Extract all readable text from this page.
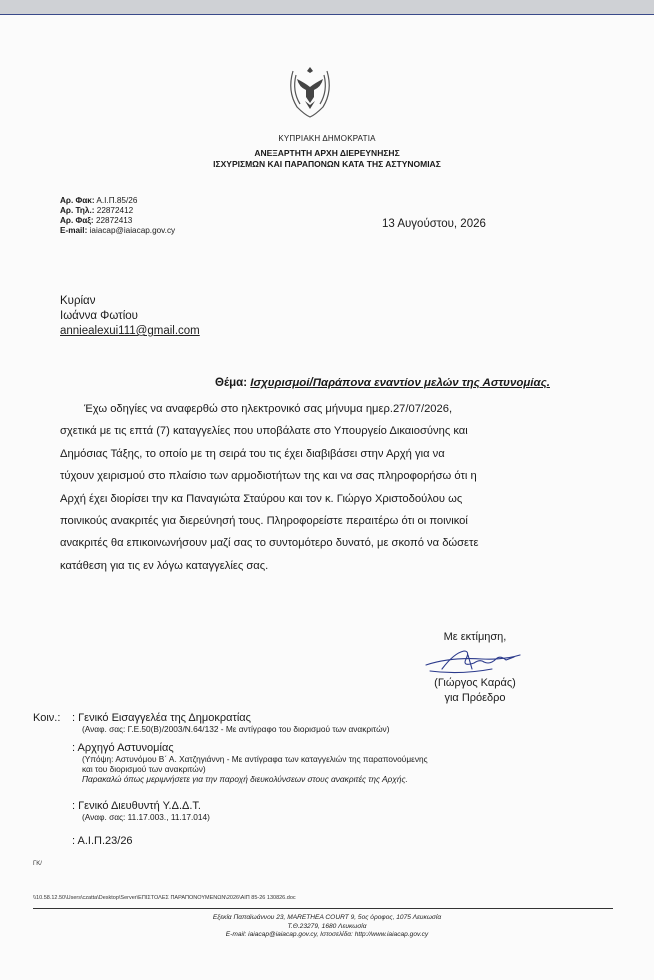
ΚΥΠΡΙΑΚΗ ΔΗΜΟΚΡΑΤΙΑ
ΑΝΕΞΑΡΤΗΤΗ ΑΡΧΗ ΔΙΕΡΕΥΝΗΣΗΣ
ΙΣΧΥΡΙΣΜΩΝ ΚΑΙ ΠΑΡΑΠΟΝΩΝ ΚΑΤΑ ΤΗΣ ΑΣΤΥΝΟΜΙΑΣ
Αρ. Φακ: Α.Ι.Π.85/26
Αρ. Τηλ.: 22872412
Αρ. Φαξ: 22872413
E-mail: iaiacap@iaiacap.gov.cy
13 Αυγούστου, 2026
Κυρίαν
Ιωάννα Φωτίου
anniealexui111@gmail.com
Θέμα: Ισχυρισμοί/Παράπονα εναντίον μελών της Αστυνομίας.
Έχω οδηγίες να αναφερθώ στο ηλεκτρονικό σας μήνυμα ημερ.27/07/2026,
σχετικά με τις επτά (7) καταγγελίες που υποβάλατε στο Υπουργείο Δικαιοσύνης και
Δημόσιας Τάξης, το οποίο με τη σειρά του τις έχει διαβιβάσει στην Αρχή για να
τύχουν χειρισμού στο πλαίσιο των αρμοδιοτήτων της και να σας πληροφορήσω ότι η
Αρχή έχει διορίσει την κα Παναγιώτα Σταύρου και τον κ. Γιώργο Χριστοδούλου ως
ποινικούς ανακριτές για διερεύνησή τους. Πληροφορείστε περαιτέρω ότι οι ποινικοί
ανακριτές θα επικοινωνήσουν μαζί σας το συντομότερο δυνατό, με σκοπό να δώσετε
κατάθεση για τις εν λόγω καταγγελίες σας.
Με εκτίμηση,
(Γιώργος Καράς)
για Πρόεδρο
Κοιν.: : Γενικό Εισαγγελέα της Δημοκρατίας
(Αναφ. σας: Γ.Ε.50(Β)/2003/Ν.64/132 - Με αντίγραφο του διορισμού των ανακριτών)
: Αρχηγό Αστυνομίας
(Υπόψη: Αστυνόμου Β΄ Α. Χατζηγιάννη - Με αντίγραφα των καταγγελιών της παραπονούμενης
και του διορισμού των ανακριτών)
Παρακαλώ όπως μεριμνήσετε για την παροχή διευκολύνσεων στους ανακριτές της Αρχής.
: Γενικό Διευθυντή Υ.Δ.Δ.Τ.
(Αναφ. σας: 11.17.003., 11.17.014)
: Α.Ι.Π.23/26
ΓΚ/
\\10.58.12.50\Users\czatta\Desktop\Server\ΕΠΙΣΤΟΛΕΣ ΠΑΡΑΠΟΝΟΥΜΕΝΩΝ\2026\ΑΙΠ 85-26 130826.doc
Εξεκία Παπαϊωάννου 23, MARETHEA COURT 9, 5ος όροφος, 1075 Λευκωσία
Τ.Θ.23279, 1680 Λευκωσία
E-mail: iaiacap@iaiacap.gov.cy, Ιστοσελίδα: http://www.iaiacap.gov.cy
